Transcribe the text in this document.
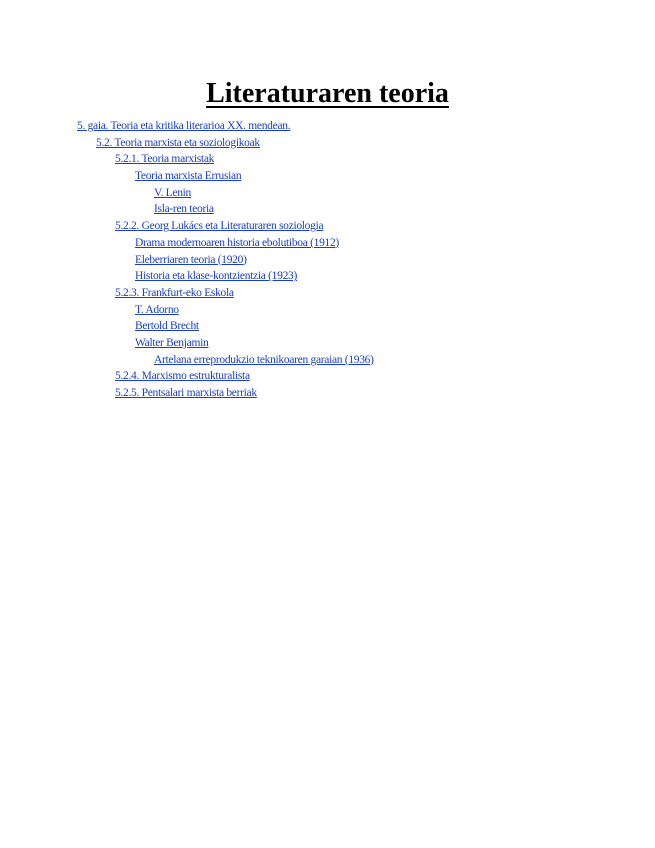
Literaturaren teoria
5. gaia. Teoria eta kritika literarioa XX. mendean.
5.2. Teoria marxista eta soziologikoak
5.2.1. Teoria marxistak
Teoria marxista Errusian
V. Lenin
Isla-ren teoria
5.2.2. Georg Lukács eta Literaturaren soziologia
Drama modernoaren historia ebolutiboa (1912)
Eleberriaren teoria (1920)
Historia eta klase-kontzientzia (1923)
5.2.3. Frankfurt-eko Eskola
T. Adorno
Bertold Brecht
Walter Benjamin
Artelana erreprodukzio teknikoaren garaian (1936)
5.2.4. Marxismo estrukturalista
5.2.5. Pentsalari marxista berriak
